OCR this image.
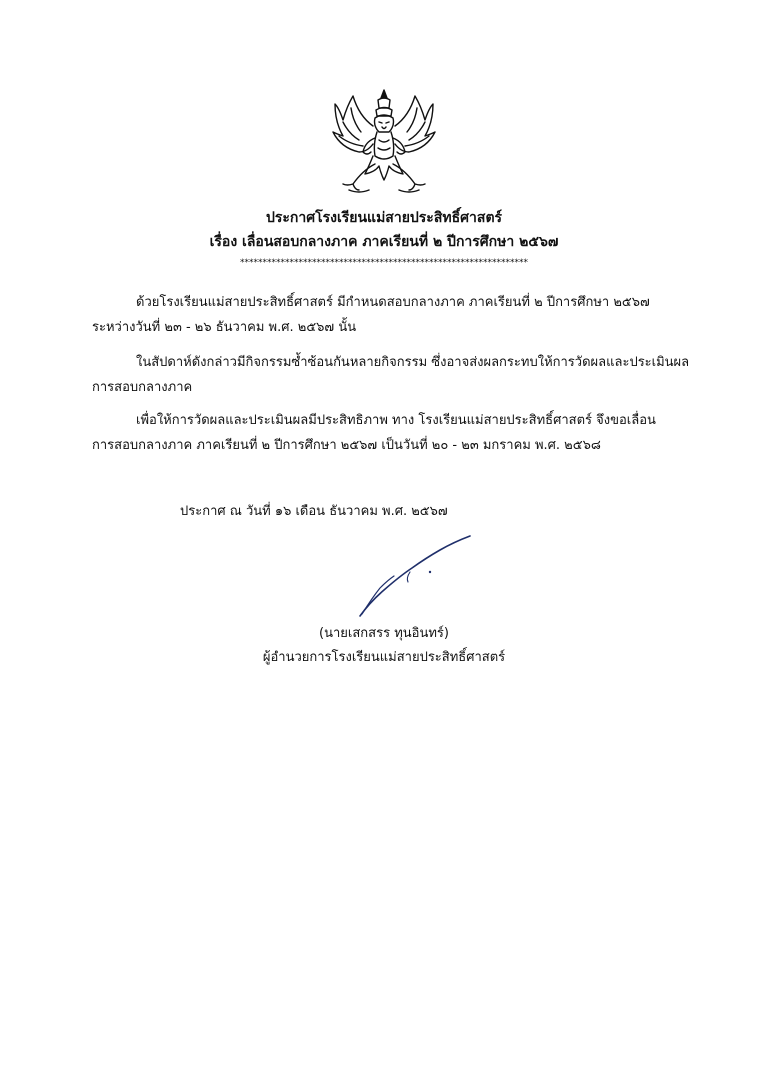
ประกาศโรงเรียนแม่สายประสิทธิ์ศาสตร์
เรื่อง เลื่อนสอบกลางภาค ภาคเรียนที่ ๒ ปีการศึกษา ๒๕๖๗
****************************************************************
ด้วยโรงเรียนแม่สายประสิทธิ์ศาสตร์ มีกำหนดสอบกลางภาค ภาคเรียนที่ ๒ ปีการศึกษา ๒๕๖๗
ระหว่างวันที่ ๒๓ - ๒๖ ธันวาคม พ.ศ. ๒๕๖๗ นั้น
ในสัปดาห์ดังกล่าวมีกิจกรรมซ้ำซ้อนกันหลายกิจกรรม ซึ่งอาจส่งผลกระทบให้การวัดผลและประเมินผล
การสอบกลางภาค
เพื่อให้การวัดผลและประเมินผลมีประสิทธิภาพ ทาง โรงเรียนแม่สายประสิทธิ์ศาสตร์ จึงขอเลื่อน
การสอบกลางภาค ภาคเรียนที่ ๒ ปีการศึกษา ๒๕๖๗ เป็นวันที่ ๒๐ - ๒๓ มกราคม พ.ศ. ๒๕๖๘
ประกาศ ณ วันที่ ๑๖ เดือน ธันวาคม พ.ศ. ๒๕๖๗
(นายเสกสรร ทุนอินทร์)
ผู้อำนวยการโรงเรียนแม่สายประสิทธิ์ศาสตร์
